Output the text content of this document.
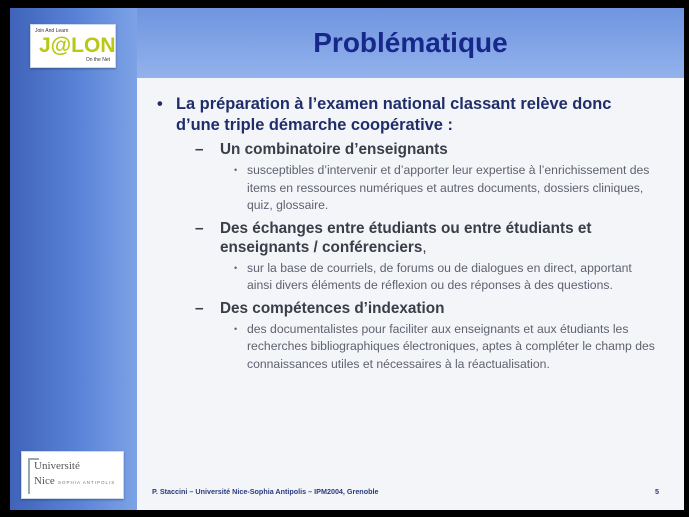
Join And Learn
J@LON
On the Net
Université
Nice SOPHIA ANTIPOLIS
Problématique
P. Staccini – Université Nice-Sophia Antipolis – IPM2004, Grenoble	5
• La préparation à l’examen national classant relève donc d’une triple démarche coopérative :
– Un combinatoire d’enseignants
• susceptibles d’intervenir et d’apporter leur expertise à l’enrichissement des items en ressources numériques et autres documents, dossiers cliniques, quiz, glossaire.
– Des échanges entre étudiants ou entre étudiants et enseignants / conférenciers,
• sur la base de courriels, de forums ou de dialogues en direct, apportant ainsi divers éléments de réflexion ou des réponses à des questions.
– Des compétences d’indexation
• des documentalistes pour faciliter aux enseignants et aux étudiants les recherches bibliographiques électroniques, aptes à compléter le champ des connaissances utiles et nécessaires à la réactualisation.
